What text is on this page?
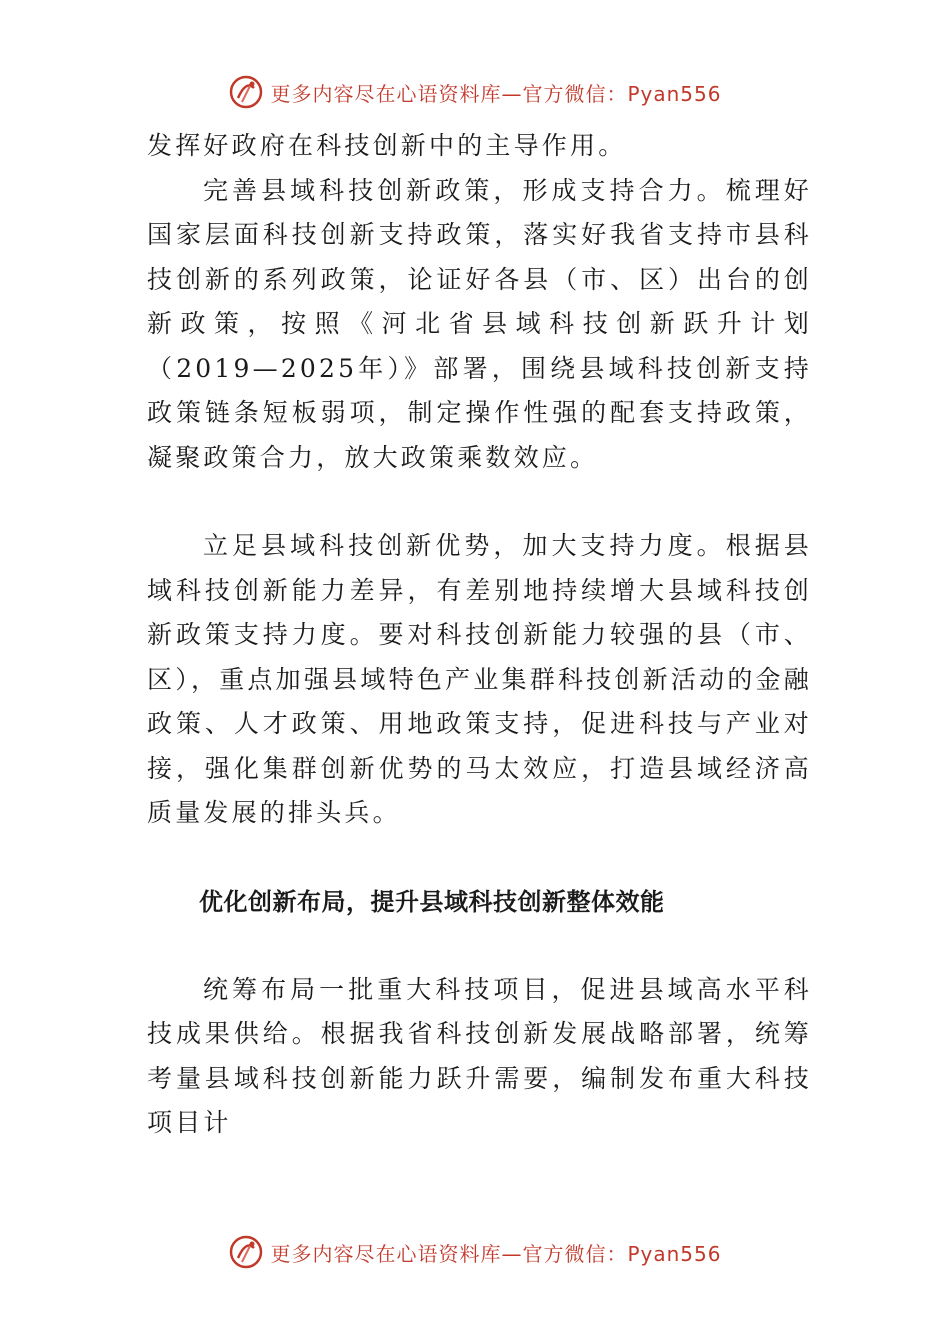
更多内容尽在心语资料库—官方微信：Pyan556

发挥好政府在科技创新中的主导作用。

完善县域科技创新政策，形成支持合力。梳理好国家层面科技创新支持政策，落实好我省支持市县科技创新的系列政策，论证好各县（市、区）出台的创新政策，按照《河北省县域科技创新跃升计划（2019—2025年）》部署，围绕县域科技创新支持政策链条短板弱项，制定操作性强的配套支持政策，凝聚政策合力，放大政策乘数效应。

立足县域科技创新优势，加大支持力度。根据县域科技创新能力差异，有差别地持续增大县域科技创新政策支持力度。要对科技创新能力较强的县（市、区），重点加强县域特色产业集群科技创新活动的金融政策、人才政策、用地政策支持，促进科技与产业对接，强化集群创新优势的马太效应，打造县域经济高质量发展的排头兵。

优化创新布局，提升县域科技创新整体效能

统筹布局一批重大科技项目，促进县域高水平科技成果供给。根据我省科技创新发展战略部署，统筹考量县域科技创新能力跃升需要，编制发布重大科技项目计

更多内容尽在心语资料库—官方微信：Pyan556
